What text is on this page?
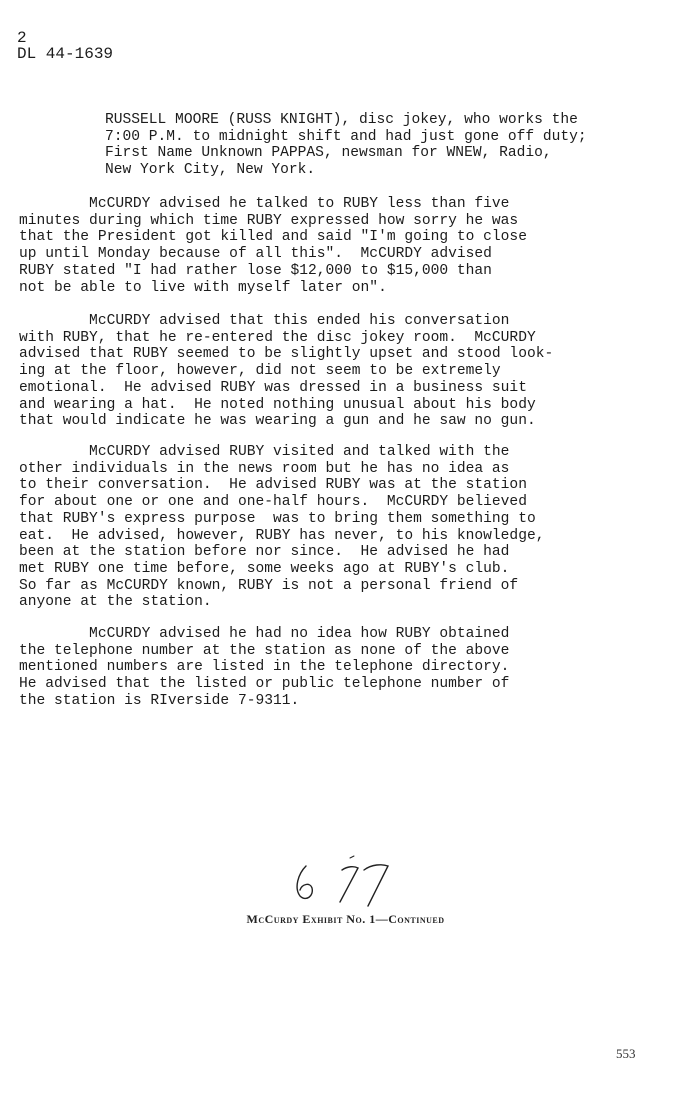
2
DL 44-1639
RUSSELL MOORE (RUSS KNIGHT), disc jokey, who works the
7:00 P.M. to midnight shift and had just gone off duty;
First Name Unknown PAPPAS, newsman for WNEW, Radio,
New York City, New York.
McCURDY advised he talked to RUBY less than five
minutes during which time RUBY expressed how sorry he was
that the President got killed and said "I'm going to close
up until Monday because of all this".  McCURDY advised
RUBY stated "I had rather lose $12,000 to $15,000 than
not be able to live with myself later on".
McCURDY advised that this ended his conversation
with RUBY, that he re-entered the disc jokey room.  McCURDY
advised that RUBY seemed to be slightly upset and stood look-
ing at the floor, however, did not seem to be extremely
emotional.  He advised RUBY was dressed in a business suit
and wearing a hat.  He noted nothing unusual about his body
that would indicate he was wearing a gun and he saw no gun.
McCURDY advised RUBY visited and talked with the
other individuals in the news room but he has no idea as
to their conversation.  He advised RUBY was at the station
for about one or one and one-half hours.  McCURDY believed
that RUBY's express purpose  was to bring them something to
eat.  He advised, however, RUBY has never, to his knowledge,
been at the station before nor since.  He advised he had
met RUBY one time before, some weeks ago at RUBY's club.
So far as McCURDY known, RUBY is not a personal friend of
anyone at the station.
McCURDY advised he had no idea how RUBY obtained
the telephone number at the station as none of the above
mentioned numbers are listed in the telephone directory.
He advised that the listed or public telephone number of
the station is RIverside 7-9311.
McCurdy Exhibit No. 1—Continued
553
